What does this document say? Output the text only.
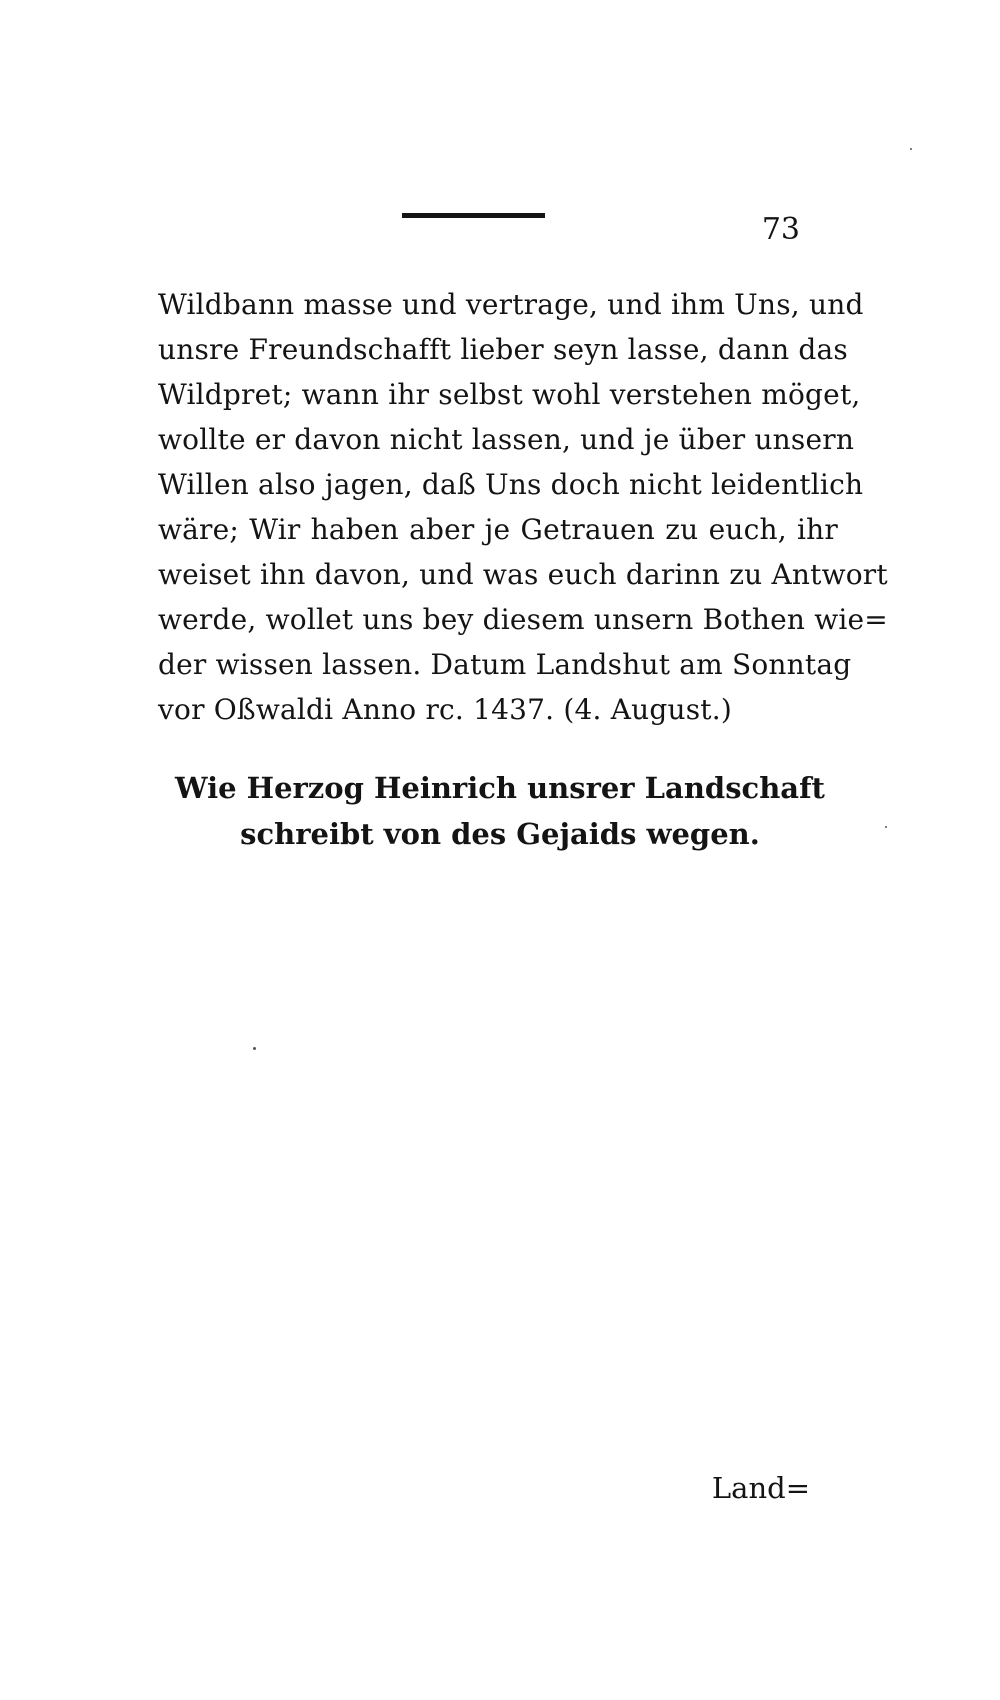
73
Wildbann masse und vertrage, und ihm Uns, und
unsre Freundschafft lieber seyn lasse, dann das
Wildpret; wann ihr selbst wohl verstehen möget,
wollte er davon nicht lassen, und je über unsern
Willen also jagen, daß Uns doch nicht leidentlich
wäre; Wir haben aber je Getrauen zu euch, ihr
weiset ihn davon, und was euch darinn zu Antwort
werde, wollet uns bey diesem unsern Bothen wie=
der wissen lassen. Datum Landshut am Sonntag
vor Oßwaldi Anno rc. 1437. (4. August.)
Wie Herzog Heinrich unsrer Landschaft
schreibt von des Gejaids wegen.
Land=
